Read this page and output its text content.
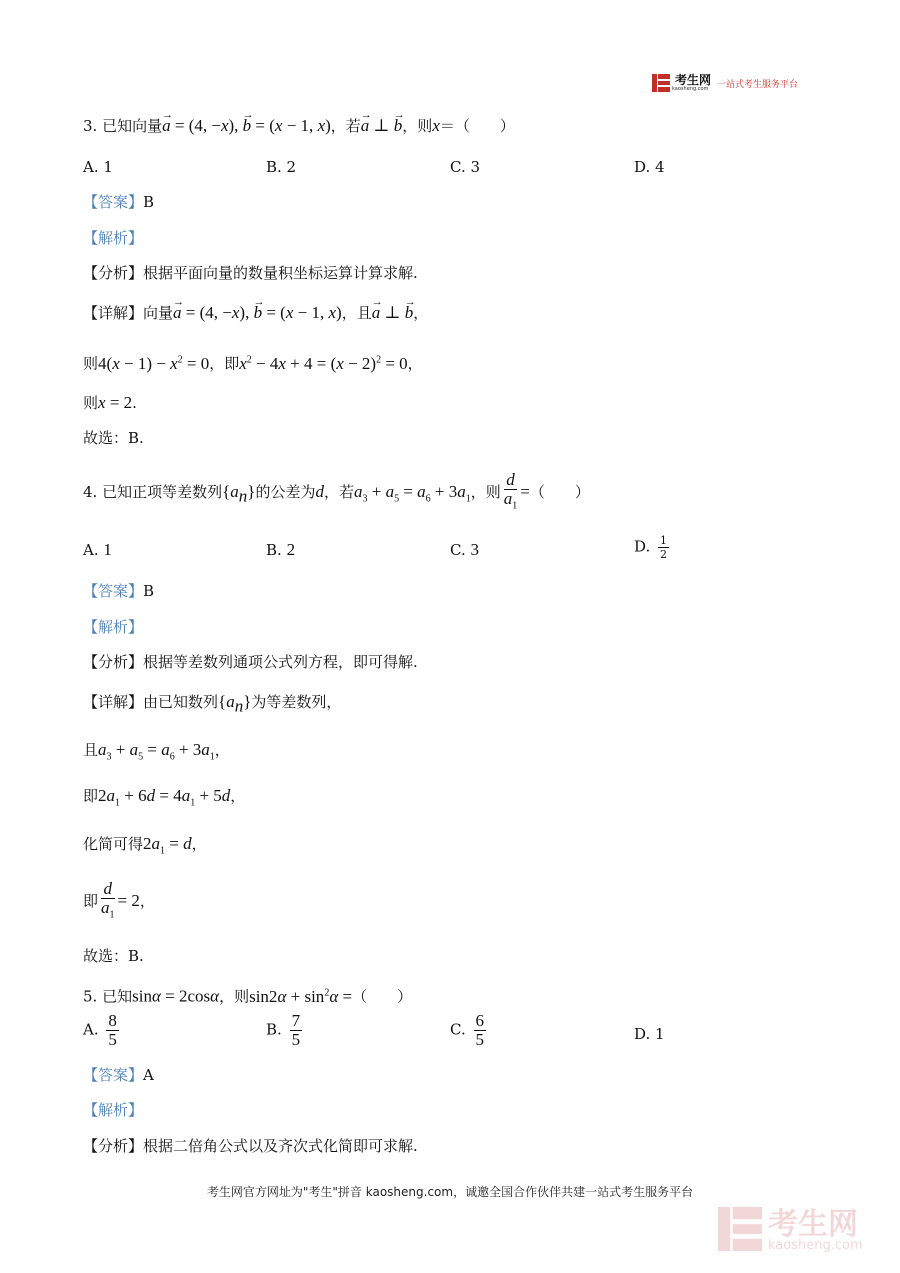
考生网
kaosheng.com 一站式考生服务平台
3. 已知向量→ a = (4, −x), → b = (x − 1, x)，若→ a ⊥ → b，则x＝（　　）
A. 1	B. 2	C. 3	D. 4
【答案】B
【解析】
【分析】根据平面向量的数量积坐标运算计算求解.
【详解】向量→ a = (4, −x), → b = (x − 1, x)，且→ a ⊥ → b，
则$4(x - 1) - x^2 = 0$，即$x^2 - 4x + 4 = (x - 2)^2 = 0$，
则x = 2.
故选：B.
4. 已知正项等差数列$\{a_n\}$的公差为d，若$a_3 + a_5 = a_6 + 3a_1$，则 $\frac{d}{a_1}$ =（　　）
A. 1	B. 2	C. 3	D. $\frac{1}{2}$
【答案】B
【解析】
【分析】根据等差数列通项公式列方程，即可得解.
【详解】由已知数列$\{a_n\}$为等差数列，
且$a_3 + a_5 = a_6 + 3a_1$，
即$2a_1 + 6d = 4a_1 + 5d$，
化简可得$2a_1 = d$，
即 $\frac{d}{a_1} = 2$，
故选：B.
5. 已知sinα = 2cosα，则$\sin 2\alpha + \sin^2\alpha$ =（　　）
A. $\frac{8}{5}$	B. $\frac{7}{5}$	C. $\frac{6}{5}$	D. 1
【答案】A
【解析】
【分析】根据二倍角公式以及齐次式化简即可求解.
考生网官方网址为"考生"拼音 kaosheng.com，诚邀全国合作伙伴共建一站式考生服务平台
考生网
kaosheng.com
